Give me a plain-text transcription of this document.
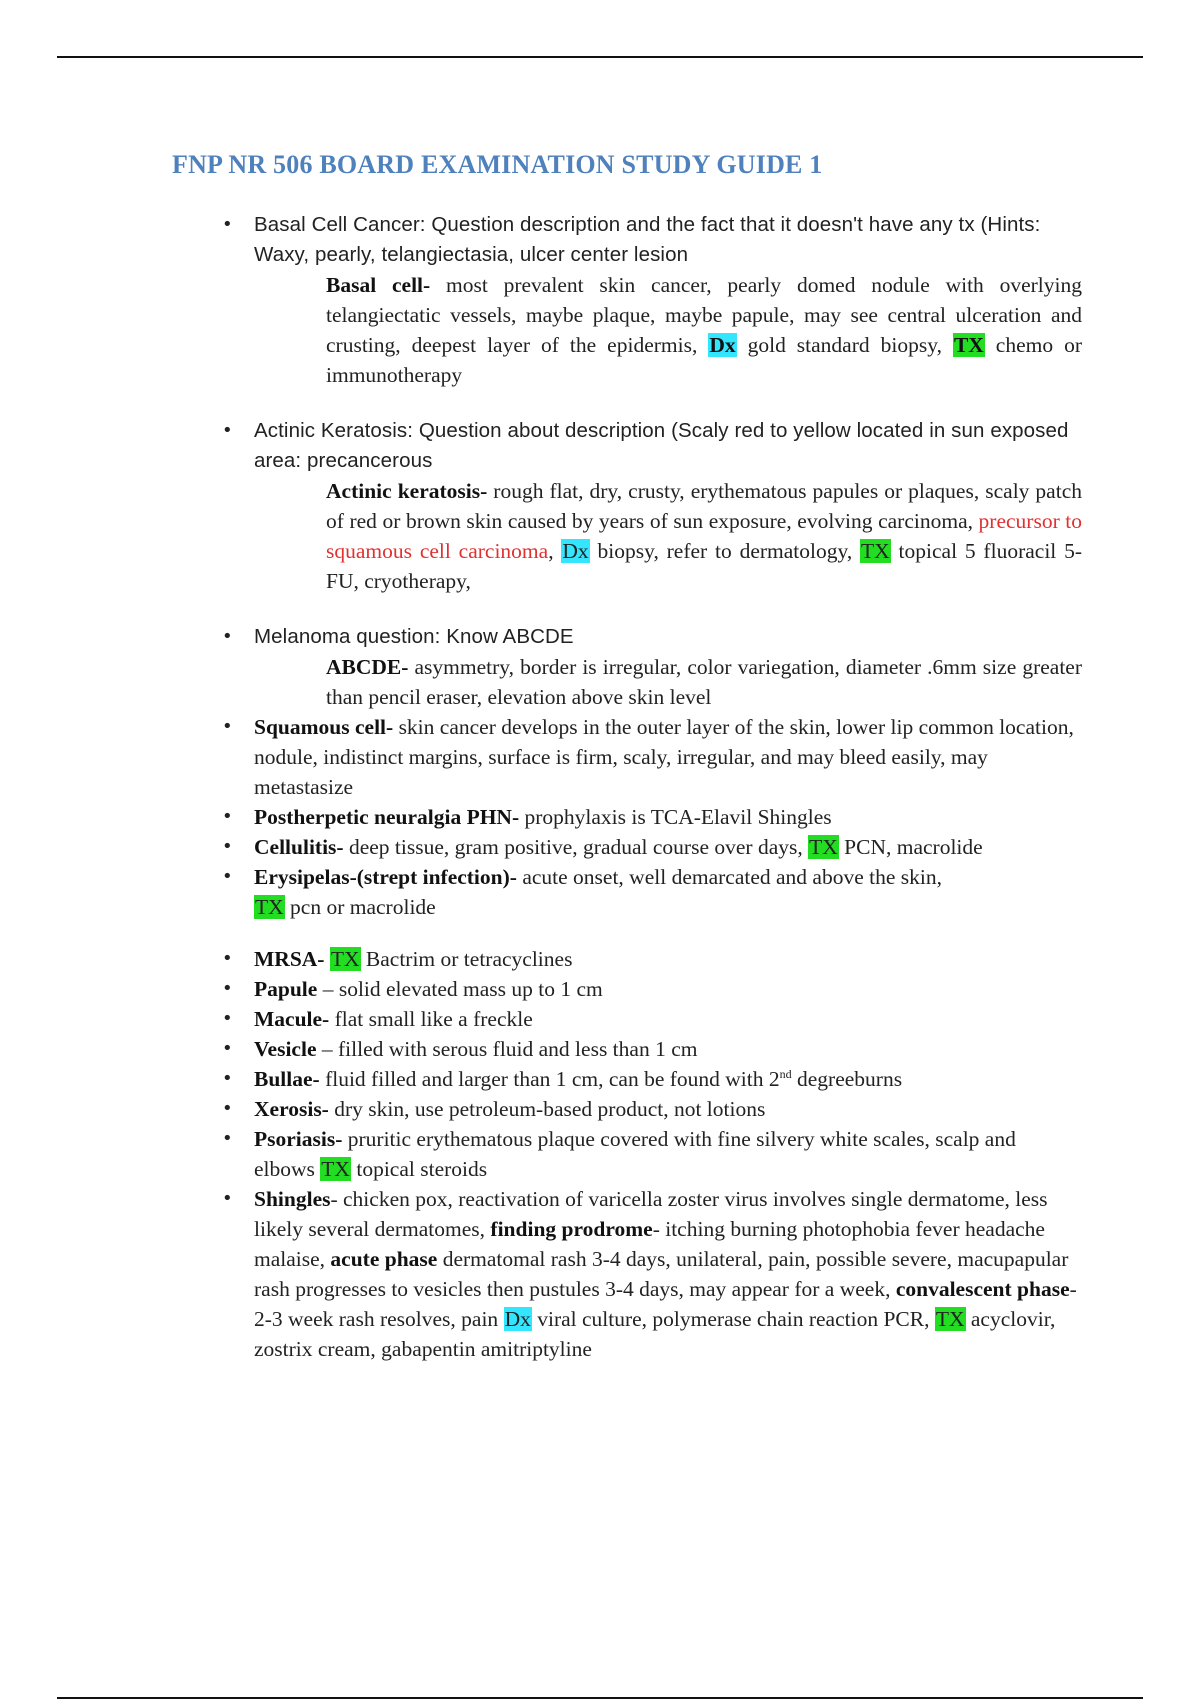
FNP NR 506 BOARD EXAMINATION STUDY GUIDE 1
• Basal Cell Cancer: Question description and the fact that it doesn't have any tx (Hints: Waxy, pearly, telangiectasia, ulcer center lesion
Basal cell- most prevalent skin cancer, pearly domed nodule with overlying telangiectatic vessels, maybe plaque, maybe papule, may see central ulceration and crusting, deepest layer of the epidermis, Dx gold standard biopsy, TX chemo or immunotherapy
• Actinic Keratosis: Question about description (Scaly red to yellow located in sun exposed area: precancerous
Actinic keratosis- rough flat, dry, crusty, erythematous papules or plaques, scaly patch of red or brown skin caused by years of sun exposure, evolving carcinoma, precursor to squamous cell carcinoma, Dx biopsy, refer to dermatology, TX topical 5 fluoracil 5-FU, cryotherapy,
• Melanoma question: Know ABCDE
ABCDE- asymmetry, border is irregular, color variegation, diameter .6mm size greater than pencil eraser, elevation above skin level
• Squamous cell- skin cancer develops in the outer layer of the skin, lower lip common location, nodule, indistinct margins, surface is firm, scaly, irregular, and may bleed easily, may metastasize
• Postherpetic neuralgia PHN- prophylaxis is TCA-Elavil Shingles
• Cellulitis- deep tissue, gram positive, gradual course over days, TX PCN, macrolide
• Erysipelas-(strept infection)- acute onset, well demarcated and above the skin,
TX pcn or macrolide
• MRSA- TX Bactrim or tetracyclines
• Papule – solid elevated mass up to 1 cm
• Macule- flat small like a freckle
• Vesicle – filled with serous fluid and less than 1 cm
• Bullae- fluid filled and larger than 1 cm, can be found with 2nd degreeburns
• Xerosis- dry skin, use petroleum-based product, not lotions
• Psoriasis- pruritic erythematous plaque covered with fine silvery white scales, scalp and elbows TX topical steroids
• Shingles- chicken pox, reactivation of varicella zoster virus involves single dermatome, less likely several dermatomes, finding prodrome- itching burning photophobia fever headache malaise, acute phase dermatomal rash 3-4 days, unilateral, pain, possible severe, macupapular rash progresses to vesicles then pustules 3-4 days, may appear for a week, convalescent phase- 2-3 week rash resolves, pain Dx viral culture, polymerase chain reaction PCR, TX acyclovir, zostrix cream, gabapentin amitriptyline
